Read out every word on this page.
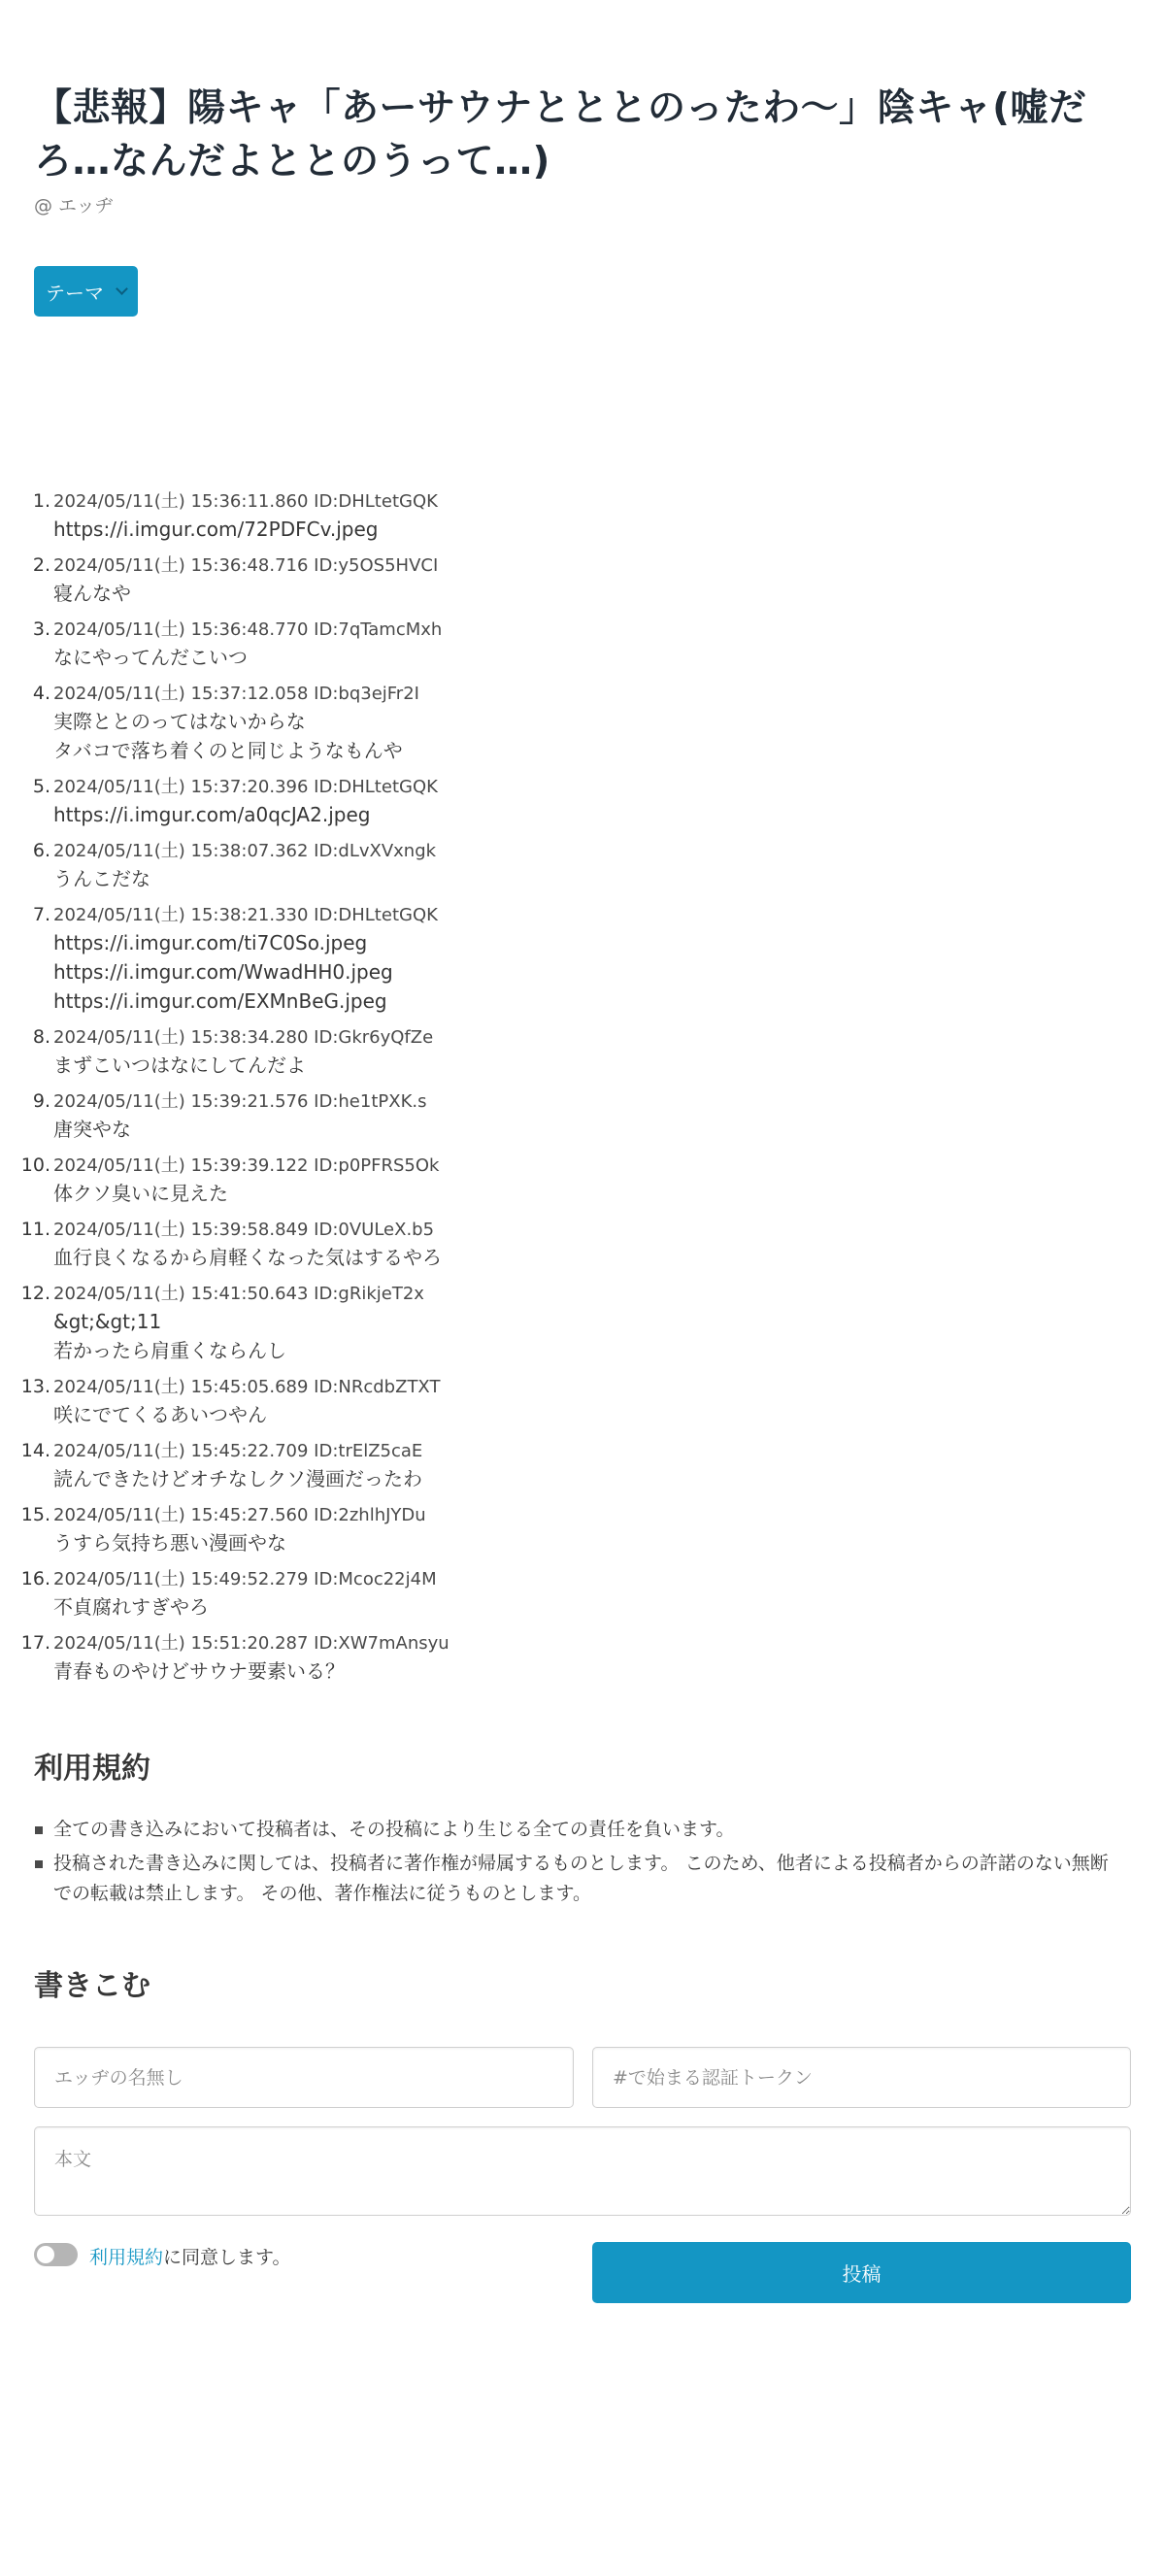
【悲報】陽キャ「あーサウナとととのったわ〜」陰キャ(嘘だろ…なんだよととのうって…)
@ エッヂ
テーマ
1. 2024/05/11(土) 15:36:11.860 ID:DHLtetGQK
https://i.imgur.com/72PDFCv.jpeg
2. 2024/05/11(土) 15:36:48.716 ID:y5OS5HVCI
寝んなや
3. 2024/05/11(土) 15:36:48.770 ID:7qTamcMxh
なにやってんだこいつ
4. 2024/05/11(土) 15:37:12.058 ID:bq3ejFr2I
実際ととのってはないからな
タバコで落ち着くのと同じようなもんや
5. 2024/05/11(土) 15:37:20.396 ID:DHLtetGQK
https://i.imgur.com/a0qcJA2.jpeg
6. 2024/05/11(土) 15:38:07.362 ID:dLvXVxngk
うんこだな
7. 2024/05/11(土) 15:38:21.330 ID:DHLtetGQK
https://i.imgur.com/ti7C0So.jpeg
https://i.imgur.com/WwadHH0.jpeg
https://i.imgur.com/EXMnBeG.jpeg
8. 2024/05/11(土) 15:38:34.280 ID:Gkr6yQfZe
まずこいつはなにしてんだよ
9. 2024/05/11(土) 15:39:21.576 ID:he1tPXK.s
唐突やな
10. 2024/05/11(土) 15:39:39.122 ID:p0PFRS5Ok
体クソ臭いに見えた
11. 2024/05/11(土) 15:39:58.849 ID:0VULeX.b5
血行良くなるから肩軽くなった気はするやろ
12. 2024/05/11(土) 15:41:50.643 ID:gRikjeT2x
&gt;&gt;11
若かったら肩重くならんし
13. 2024/05/11(土) 15:45:05.689 ID:NRcdbZTXT
咲にでてくるあいつやん
14. 2024/05/11(土) 15:45:22.709 ID:trElZ5caE
読んできたけどオチなしクソ漫画だったわ
15. 2024/05/11(土) 15:45:27.560 ID:2zhlhJYDu
うすら気持ち悪い漫画やな
16. 2024/05/11(土) 15:49:52.279 ID:Mcoc22j4M
不貞腐れすぎやろ
17. 2024/05/11(土) 15:51:20.287 ID:XW7mAnsyu
青春ものやけどサウナ要素いる？
利用規約
全ての書き込みにおいて投稿者は、その投稿により生じる全ての責任を負います。
投稿された書き込みに関しては、投稿者に著作権が帰属するものとします。 このため、他者による投稿者からの許諾のない無断での転載は禁止します。 その他、著作権法に従うものとします。
書きこむ
エッヂの名無し
#で始まる認証トークン
本文
利用規約 に同意します。
投稿
